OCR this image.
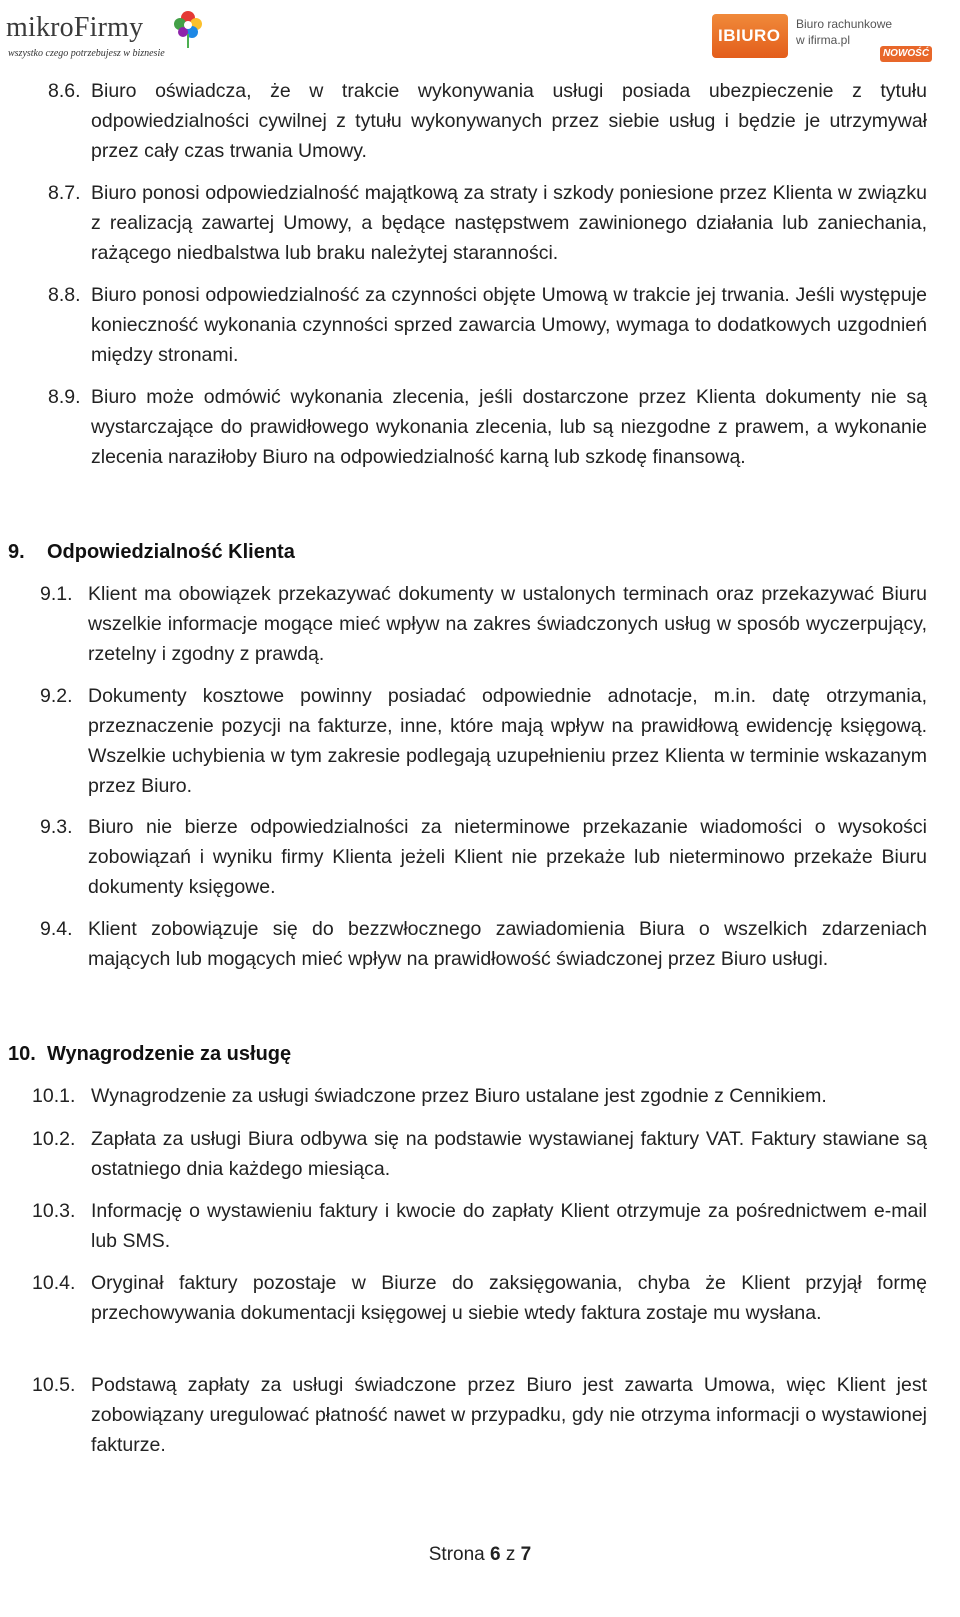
mikroFirmy
wszystko czego potrzebujesz w biznesie
IBIURO
Biuro rachunkowe
w ifirma.pl
NOWOŚĆ
8.6. Biuro oświadcza, że w trakcie wykonywania usługi posiada ubezpieczenie z tytułu odpowiedzialności cywilnej z tytułu wykonywanych przez siebie usług i będzie je utrzymywał przez cały czas trwania Umowy.
8.7. Biuro ponosi odpowiedzialność majątkową za straty i szkody poniesione przez Klienta w związku z realizacją zawartej Umowy, a będące następstwem zawinionego działania lub zaniechania, rażącego niedbalstwa lub braku należytej staranności.
8.8. Biuro ponosi odpowiedzialność za czynności objęte Umową w trakcie jej trwania. Jeśli występuje konieczność wykonania czynności sprzed zawarcia Umowy, wymaga to dodatkowych uzgodnień między stronami.
8.9. Biuro może odmówić wykonania zlecenia, jeśli dostarczone przez Klienta dokumenty nie są wystarczające do prawidłowego wykonania zlecenia, lub są niezgodne z prawem, a wykonanie zlecenia naraziłoby Biuro na odpowiedzialność karną lub szkodę finansową.
9. Odpowiedzialność Klienta
9.1. Klient ma obowiązek przekazywać dokumenty w ustalonych terminach oraz przekazywać Biuru wszelkie informacje mogące mieć wpływ na zakres świadczonych usług w sposób wyczerpujący, rzetelny i zgodny z prawdą.
9.2. Dokumenty kosztowe powinny posiadać odpowiednie adnotacje, m.in. datę otrzymania, przeznaczenie pozycji na fakturze, inne, które mają wpływ na prawidłową ewidencję księgową. Wszelkie uchybienia w tym zakresie podlegają uzupełnieniu przez Klienta w terminie wskazanym przez Biuro.
9.3. Biuro nie bierze odpowiedzialności za nieterminowe przekazanie wiadomości o wysokości zobowiązań i wyniku firmy Klienta jeżeli Klient nie przekaże lub nieterminowo przekaże Biuru dokumenty księgowe.
9.4. Klient zobowiązuje się do bezzwłocznego zawiadomienia Biura o wszelkich zdarzeniach mających lub mogących mieć wpływ na prawidłowość świadczonej przez Biuro usługi.
10. Wynagrodzenie za usługę
10.1. Wynagrodzenie za usługi świadczone przez Biuro ustalane jest zgodnie z Cennikiem.
10.2. Zapłata za usługi Biura odbywa się na podstawie wystawianej faktury VAT. Faktury stawiane są ostatniego dnia każdego miesiąca.
10.3. Informację o wystawieniu faktury i kwocie do zapłaty Klient otrzymuje za pośrednictwem e-mail lub SMS.
10.4. Oryginał faktury pozostaje w Biurze do zaksięgowania, chyba że Klient przyjął formę przechowywania dokumentacji księgowej u siebie wtedy faktura zostaje mu wysłana.
10.5. Podstawą zapłaty za usługi świadczone przez Biuro jest zawarta Umowa, więc Klient jest zobowiązany uregulować płatność nawet w przypadku, gdy nie otrzyma informacji o wystawionej fakturze.
Strona 6 z 7
